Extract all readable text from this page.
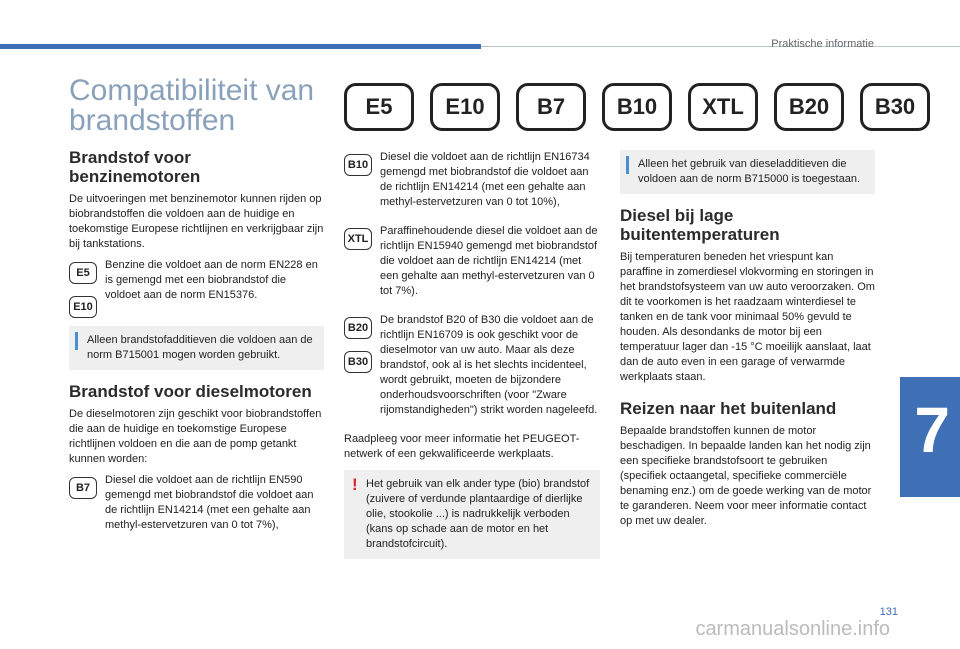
Praktische informatie
7
131
carmanualsonline.info
E5	E10	B7	B10	XTL	B20	B30
Compatibiliteit van brandstoffen
Brandstof voor benzinemotoren

De uitvoeringen met benzinemotor kunnen rijden op biobrandstoffen die voldoen aan de huidige en toekomstige Europese richtlijnen en verkrijgbaar zijn bij tankstations.

E5
E10

Benzine die voldoet aan de norm EN228 en is gemengd met een biobrandstof die voldoet aan de norm EN15376.

Alleen brandstofadditieven die voldoen aan de norm B715001 mogen worden gebruikt.

Brandstof voor dieselmotoren

De dieselmotoren zijn geschikt voor biobrandstoffen die aan de huidige en toekomstige Europese richtlijnen voldoen en die aan de pomp getankt kunnen worden:

B7

Diesel die voldoet aan de richtlijn EN590 gemengd met biobrandstof die voldoet aan de richtlijn EN14214 (met een gehalte aan methyl-estervetzuren van 0 tot 7%),

B10

Diesel die voldoet aan de richtlijn EN16734 gemengd met biobrandstof die voldoet aan de richtlijn EN14214 (met een gehalte aan methyl-estervetzuren van 0 tot 10%),

XTL

Paraffinehoudende diesel die voldoet aan de richtlijn EN15940 gemengd met biobrandstof die voldoet aan de richtlijn EN14214 (met een gehalte aan methyl-estervetzuren van 0 tot 7%).

B20
B30

De brandstof B20 of B30 die voldoet aan de richtlijn EN16709 is ook geschikt voor de dieselmotor van uw auto. Maar als deze brandstof, ook al is het slechts incidenteel, wordt gebruikt, moeten de bijzondere onderhoudsvoorschriften (voor "Zware rijomstandigheden") strikt worden nageleefd.

Raadpleeg voor meer informatie het PEUGEOT-netwerk of een gekwalificeerde werkplaats.

! Het gebruik van elk ander type (bio) brandstof (zuivere of verdunde plantaardige of dierlijke olie, stookolie ...) is nadrukkelijk verboden (kans op schade aan de motor en het brandstofcircuit).

Alleen het gebruik van dieseladditieven die voldoen aan de norm B715000 is toegestaan.

Diesel bij lage buitentemperaturen

Bij temperaturen beneden het vriespunt kan paraffine in zomerdiesel vlokvorming en storingen in het brandstofsysteem van uw auto veroorzaken. Om dit te voorkomen is het raadzaam winterdiesel te tanken en de tank voor minimaal 50% gevuld te houden. Als desondanks de motor bij een temperatuur lager dan -15 °C moeilijk aanslaat, laat dan de auto even in een garage of verwarmde werkplaats staan.

Reizen naar het buitenland

Bepaalde brandstoffen kunnen de motor beschadigen. In bepaalde landen kan het nodig zijn een specifieke brandstofsoort te gebruiken (specifiek octaangetal, specifieke commerciële benaming enz.) om de goede werking van de motor te garanderen. Neem voor meer informatie contact op met uw dealer.
